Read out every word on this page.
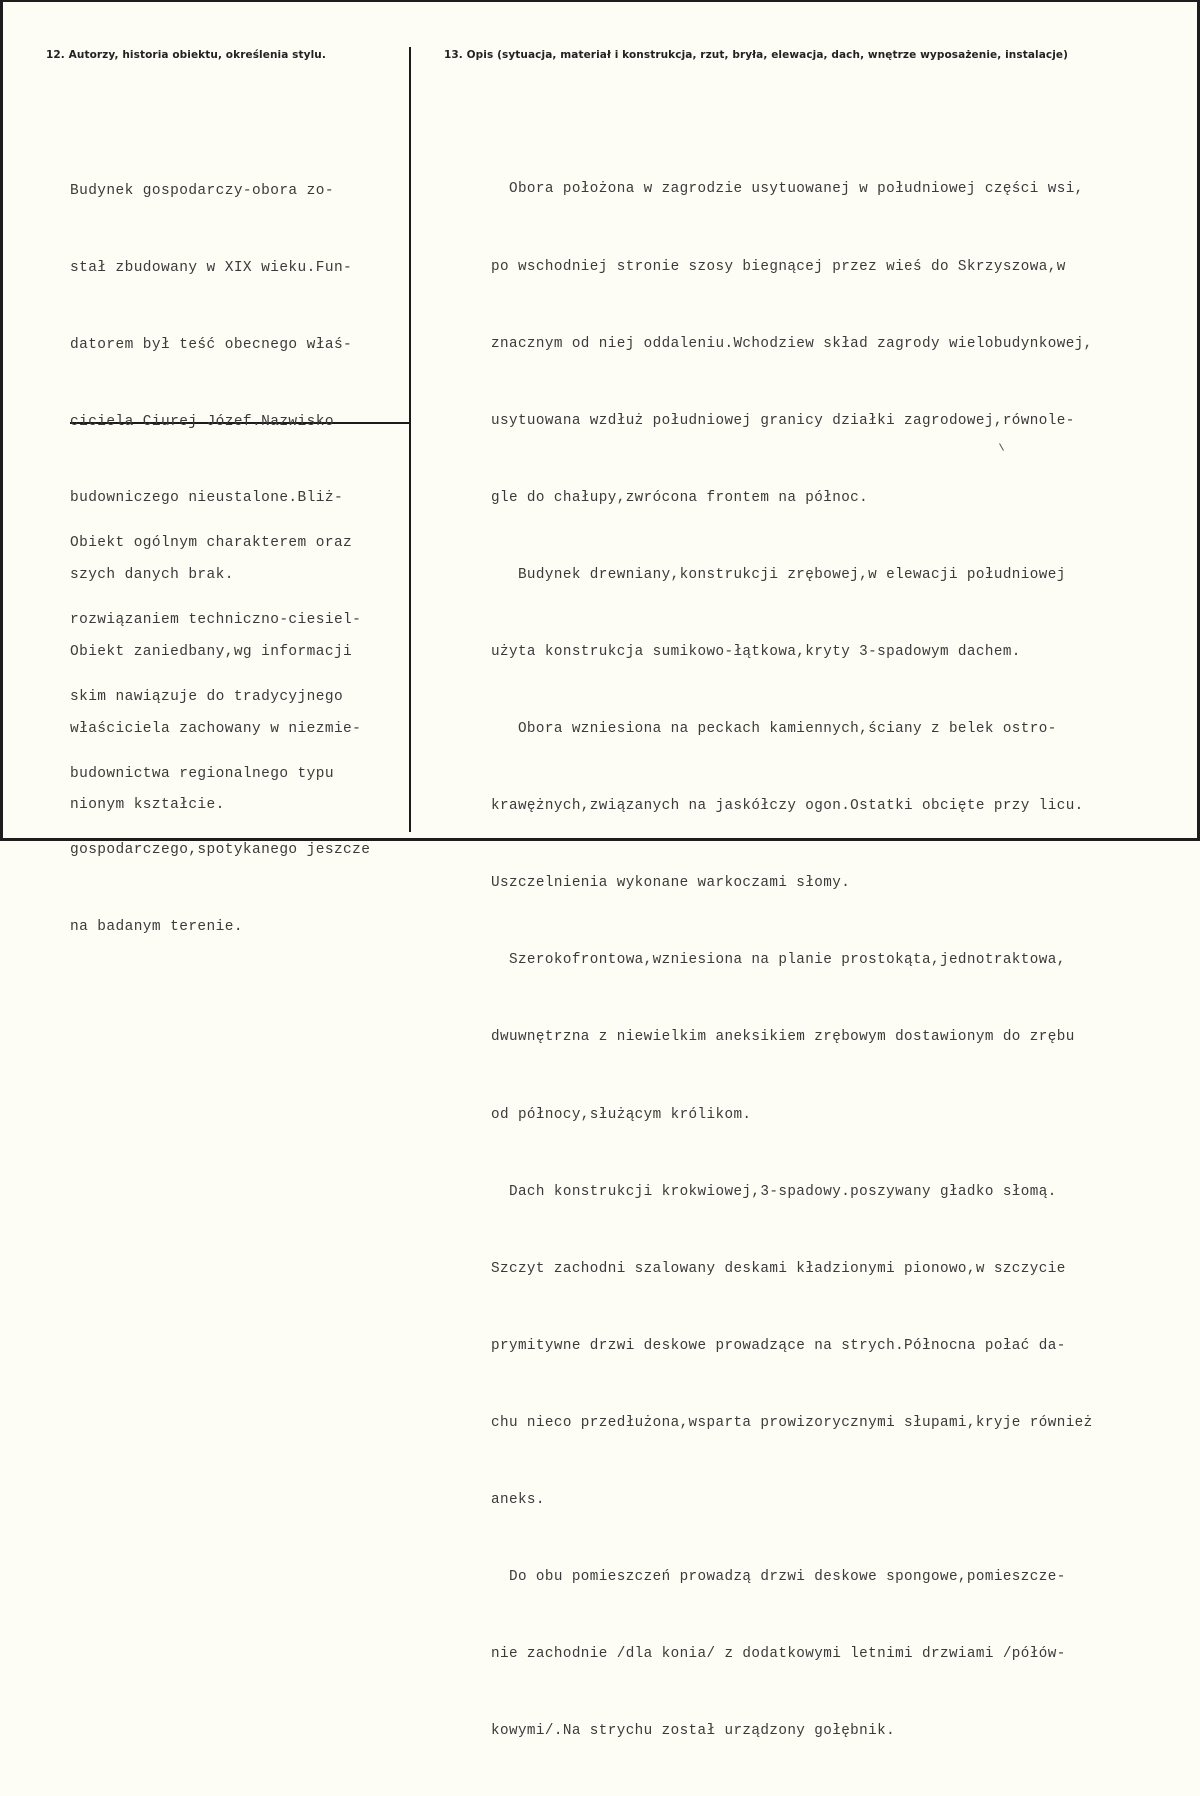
12. Autorzy, historia obiektu, określenia stylu.	13. Opis (sytuacja, materiał i konstrukcja, rzut, bryła, elewacja, dach, wnętrze wyposażenie, instalacje)

Budynek gospodarczy-obora zo-

stał zbudowany w XIX wieku.Fun-

datorem był teść obecnego właś-

ciciela Ciurej Józef.Nazwisko

budowniczego nieustalone.Bliż-

szych danych brak.

Obiekt zaniedbany,wg informacji

właściciela zachowany w niezmie-

nionym kształcie.

Obiekt ogólnym charakterem oraz

rozwiązaniem techniczno-ciesiel-

skim nawiązuje do tradycyjnego

budownictwa regionalnego typu

gospodarczego,spotykanego jeszcze

na badanym terenie.

Obora położona w zagrodzie usytuowanej w południowej części wsi,

po wschodniej stronie szosy biegnącej przez wieś do Skrzyszowa,w

znacznym od niej oddaleniu.Wchodziew skład zagrody wielobudynkowej,

usytuowana wzdłuż południowej granicy działki zagrodowej,równole-

gle do chałupy,zwrócona frontem na północ.

Budynek drewniany,konstrukcji zrębowej,w elewacji południowej

użyta konstrukcja sumikowo-łątkowa,kryty 3-spadowym dachem.

Obora wzniesiona na peckach kamiennych,ściany z belek ostro-

krawężnych,związanych na jaskółczy ogon.Ostatki obcięte przy licu.

Uszczelnienia wykonane warkoczami słomy.

Szerokofrontowa,wzniesiona na planie prostokąta,jednotraktowa,

dwuwnętrzna z niewielkim aneksikiem zrębowym dostawionym do zrębu

od północy,służącym królikom.

Dach konstrukcji krokwiowej,3-spadowy.poszywany gładko słomą.

Szczyt zachodni szalowany deskami kładzionymi pionowo,w szczycie

prymitywne drzwi deskowe prowadzące na strych.Północna połać da-

chu nieco przedłużona,wsparta prowizorycznymi słupami,kryje również

aneks.

Do obu pomieszczeń prowadzą drzwi deskowe spongowe,pomieszcze-

nie zachodnie /dla konia/ z dodatkowymi letnimi drzwiami /półów-

kowymi/.Na strychu został urządzony gołębnik.
